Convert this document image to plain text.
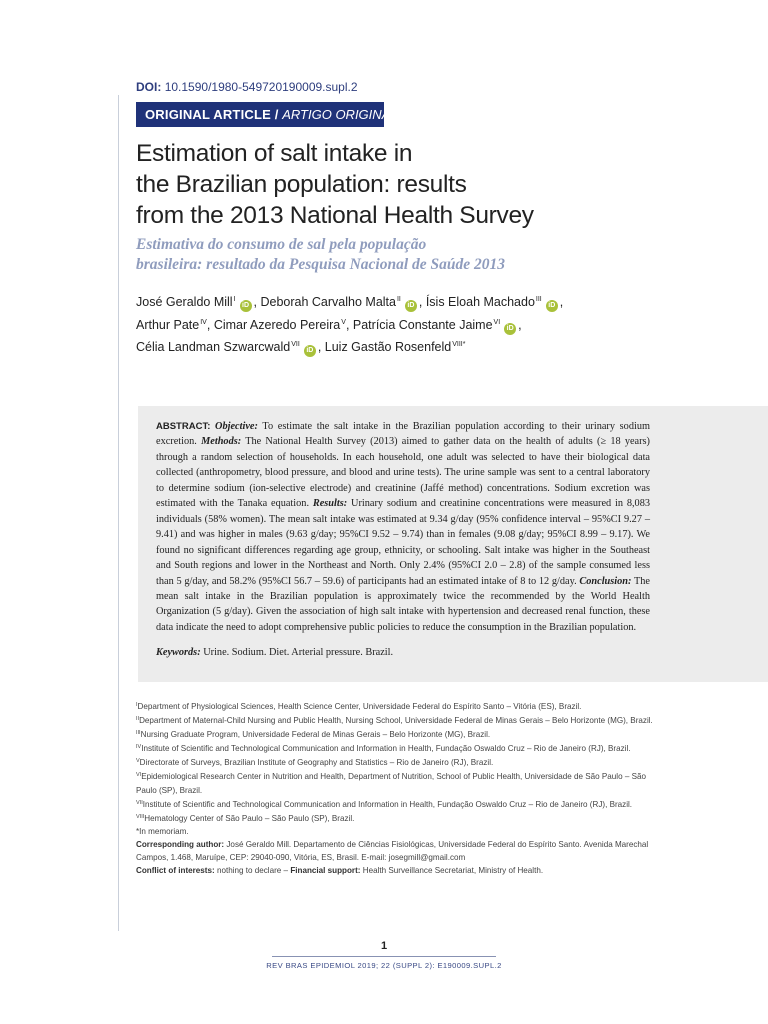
DOI: 10.1590/1980-549720190009.supl.2
ORIGINAL ARTICLE / ARTIGO ORIGINAL
Estimation of salt intake in
the Brazilian population: results
from the 2013 National Health Survey
Estimativa do consumo de sal pela população
brasileira: resultado da Pesquisa Nacional de Saúde 2013
José Geraldo Mill$^I$iD , Deborah Carvalho Malta$^{II}$iD , Ísis Eloah Machado$^{III}$iD ,
Arthur Pate$^{IV}$, Cimar Azeredo Pereira$^V$, Patrícia Constante Jaime$^{VI}$iD ,
Célia Landman Szwarcwald$^{VII}$iD , Luiz Gastão Rosenfeld$^{VIII*}$
ABSTRACT: Objective: To estimate the salt intake in the Brazilian population according to their urinary sodium excretion. Methods: The National Health Survey (2013) aimed to gather data on the health of adults (≥ 18 years) through a random selection of households. In each household, one adult was selected to have their biological data collected (anthropometry, blood pressure, and blood and urine tests). The urine sample was sent to a central laboratory to determine sodium (ion-selective electrode) and creatinine (Jaffé method) concentrations. Sodium excretion was estimated with the Tanaka equation. Results: Urinary sodium and creatinine concentrations were measured in 8,083 individuals (58% women). The mean salt intake was estimated at 9.34 g/day (95% confidence interval – 95%CI 9.27 – 9.41) and was higher in males (9.63 g/day; 95%CI 9.52 – 9.74) than in females (9.08 g/day; 95%CI 8.99 – 9.17). We found no significant differences regarding age group, ethnicity, or schooling. Salt intake was higher in the Southeast and South regions and lower in the Northeast and North. Only 2.4% (95%CI 2.0 – 2.8) of the sample consumed less than 5 g/day, and 58.2% (95%CI 56.7 – 59.6) of participants had an estimated intake of 8 to 12 g/day. Conclusion: The mean salt intake in the Brazilian population is approximately twice the recommended by the World Health Organization (5 g/day). Given the association of high salt intake with hypertension and decreased renal function, these data indicate the need to adopt comprehensive public policies to reduce the consumption in the Brazilian population.
Keywords: Urine. Sodium. Diet. Arterial pressure. Brazil.
$^I$Department of Physiological Sciences, Health Science Center, Universidade Federal do Espírito Santo – Vitória (ES), Brazil.
$^{II}$Department of Maternal-Child Nursing and Public Health, Nursing School, Universidade Federal de Minas Gerais – Belo Horizonte (MG), Brazil.
$^{III}$Nursing Graduate Program, Universidade Federal de Minas Gerais – Belo Horizonte (MG), Brazil.
$^{IV}$Institute of Scientific and Technological Communication and Information in Health, Fundação Oswaldo Cruz – Rio de Janeiro (RJ), Brazil.
$^V$Directorate of Surveys, Brazilian Institute of Geography and Statistics – Rio de Janeiro (RJ), Brazil.
$^{VI}$Epidemiological Research Center in Nutrition and Health, Department of Nutrition, School of Public Health, Universidade de São Paulo – São Paulo (SP), Brazil.
$^{VII}$Institute of Scientific and Technological Communication and Information in Health, Fundação Oswaldo Cruz – Rio de Janeiro (RJ), Brazil.
$^{VIII}$Hematology Center of São Paulo – São Paulo (SP), Brazil.
*In memoriam.
Corresponding author: José Geraldo Mill. Departamento de Ciências Fisiológicas, Universidade Federal do Espírito Santo. Avenida Marechal Campos, 1.468, Maruípe, CEP: 29040-090, Vitória, ES, Brasil. E-mail: josegmill@gmail.com
Conflict of interests: nothing to declare – Financial support: Health Surveillance Secretariat, Ministry of Health.
1
REV BRAS EPIDEMIOL 2019; 22 (SUPPL 2): E190009.SUPL.2
